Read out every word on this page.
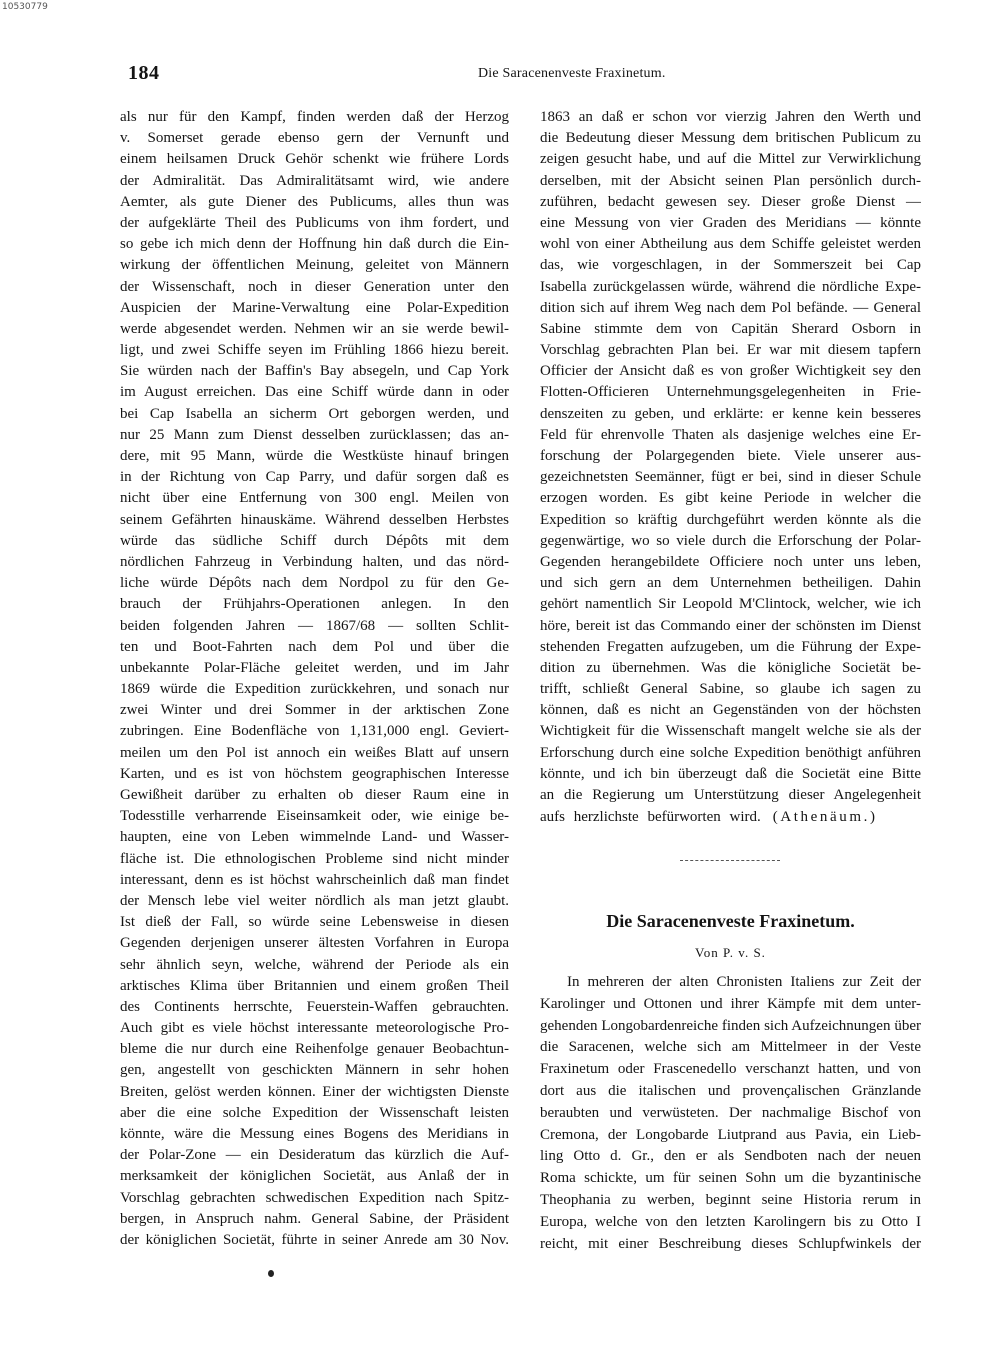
10530779
184	Die Saracenenveste Fraxinetum.
als nur für den Kampf, finden werden daß der Herzog
v. Somerset gerade ebenso gern der Vernunft und
einem heilsamen Druck Gehör schenkt wie frühere Lords
der Admiralität. Das Admiralitätsamt wird, wie andere
Aemter, als gute Diener des Publicums, alles thun was
der aufgeklärte Theil des Publicums von ihm fordert, und
so gebe ich mich denn der Hoffnung hin daß durch die Ein-
wirkung der öffentlichen Meinung, geleitet von Männern
der Wissenschaft, noch in dieser Generation unter den
Auspicien der Marine-Verwaltung eine Polar-Expedition
werde abgesendet werden. Nehmen wir an sie werde bewil-
ligt, und zwei Schiffe seyen im Frühling 1866 hiezu bereit.
Sie würden nach der Baffin's Bay absegeln, und Cap York
im August erreichen. Das eine Schiff würde dann in oder
bei Cap Isabella an sicherm Ort geborgen werden, und
nur 25 Mann zum Dienst desselben zurücklassen; das an-
dere, mit 95 Mann, würde die Westküste hinauf bringen
in der Richtung von Cap Parry, und dafür sorgen daß es
nicht über eine Entfernung von 300 engl. Meilen von
seinem Gefährten hinauskäme. Während desselben Herbstes
würde das südliche Schiff durch Dépôts mit dem
nördlichen Fahrzeug in Verbindung halten, und das nörd-
liche würde Dépôts nach dem Nordpol zu für den Ge-
brauch der Frühjahrs-Operationen anlegen. In den
beiden folgenden Jahren — 1867/68 — sollten Schlit-
ten und Boot-Fahrten nach dem Pol und über die
unbekannte Polar-Fläche geleitet werden, und im Jahr
1869 würde die Expedition zurückkehren, und sonach nur
zwei Winter und drei Sommer in der arktischen Zone
zubringen. Eine Bodenfläche von 1,131,000 engl. Geviert-
meilen um den Pol ist annoch ein weißes Blatt auf unsern
Karten, und es ist von höchstem geographischen Interesse
Gewißheit darüber zu erhalten ob dieser Raum eine in
Todesstille verharrende Eiseinsamkeit oder, wie einige be-
haupten, eine von Leben wimmelnde Land- und Wasser-
fläche ist. Die ethnologischen Probleme sind nicht minder
interessant, denn es ist höchst wahrscheinlich daß man findet
der Mensch lebe viel weiter nördlich als man jetzt glaubt.
Ist dieß der Fall, so würde seine Lebensweise in diesen
Gegenden derjenigen unserer ältesten Vorfahren in Europa
sehr ähnlich seyn, welche, während der Periode als ein
arktisches Klima über Britannien und einem großen Theil
des Continents herrschte, Feuerstein-Waffen gebrauchten.
Auch gibt es viele höchst interessante meteorologische Pro-
bleme die nur durch eine Reihenfolge genauer Beobachtun-
gen, angestellt von geschickten Männern in sehr hohen
Breiten, gelöst werden können. Einer der wichtigsten Dienste
aber die eine solche Expedition der Wissenschaft leisten
könnte, wäre die Messung eines Bogens des Meridians in
der Polar-Zone — ein Desideratum das kürzlich die Auf-
merksamkeit der königlichen Societät, aus Anlaß der in
Vorschlag gebrachten schwedischen Expedition nach Spitz-
bergen, in Anspruch nahm. General Sabine, der Präsident
der königlichen Societät, führte in seiner Anrede am 30 Nov.
1863 an daß er schon vor vierzig Jahren den Werth und
die Bedeutung dieser Messung dem britischen Publicum zu
zeigen gesucht habe, und auf die Mittel zur Verwirklichung
derselben, mit der Absicht seinen Plan persönlich durch-
zuführen, bedacht gewesen sey. Dieser große Dienst —
eine Messung von vier Graden des Meridians — könnte
wohl von einer Abtheilung aus dem Schiffe geleistet werden
das, wie vorgeschlagen, in der Sommerszeit bei Cap
Isabella zurückgelassen würde, während die nördliche Expe-
dition sich auf ihrem Weg nach dem Pol befände. — General
Sabine stimmte dem von Capitän Sherard Osborn in
Vorschlag gebrachten Plan bei. Er war mit diesem tapfern
Officier der Ansicht daß es von großer Wichtigkeit sey den
Flotten-Officieren Unternehmungsgelegenheiten in Frie-
denszeiten zu geben, und erklärte: er kenne kein besseres
Feld für ehrenvolle Thaten als dasjenige welches eine Er-
forschung der Polargegenden biete. Viele unserer aus-
gezeichnetsten Seemänner, fügt er bei, sind in dieser Schule
erzogen worden. Es gibt keine Periode in welcher die
Expedition so kräftig durchgeführt werden könnte als die
gegenwärtige, wo so viele durch die Erforschung der Polar-
Gegenden herangebildete Officiere noch unter uns leben,
und sich gern an dem Unternehmen betheiligen. Dahin
gehört namentlich Sir Leopold M'Clintock, welcher, wie ich
höre, bereit ist das Commando einer der schönsten im Dienst
stehenden Fregatten aufzugeben, um die Führung der Expe-
dition zu übernehmen. Was die königliche Societät be-
trifft, schließt General Sabine, so glaube ich sagen zu
können, daß es nicht an Gegenständen von der höchsten
Wichtigkeit für die Wissenschaft mangelt welche sie als der
Erforschung durch eine solche Expedition benöthigt anführen
könnte, und ich bin überzeugt daß die Societät eine Bitte
an die Regierung um Unterstützung dieser Angelegenheit
aufs herzlichste befürworten wird. (Athenäum.)
Die Saracenenveste Fraxinetum.
Von P. v. S.
In mehreren der alten Chronisten Italiens zur Zeit der
Karolinger und Ottonen und ihrer Kämpfe mit dem unter-
gehenden Longobardenreiche finden sich Aufzeichnungen über
die Saracenen, welche sich am Mittelmeer in der Veste
Fraxinetum oder Frascenedello verschanzt hatten, und von
dort aus die italischen und provençalischen Gränzlande
beraubten und verwüsteten. Der nachmalige Bischof von
Cremona, der Longobarde Liutprand aus Pavia, ein Lieb-
ling Otto d. Gr., den er als Sendboten nach der neuen
Roma schickte, um für seinen Sohn um die byzantinische
Theophania zu werben, beginnt seine Historia rerum in
Europa, welche von den letzten Karolingern bis zu Otto I
reicht, mit einer Beschreibung dieses Schlupfwinkels der
